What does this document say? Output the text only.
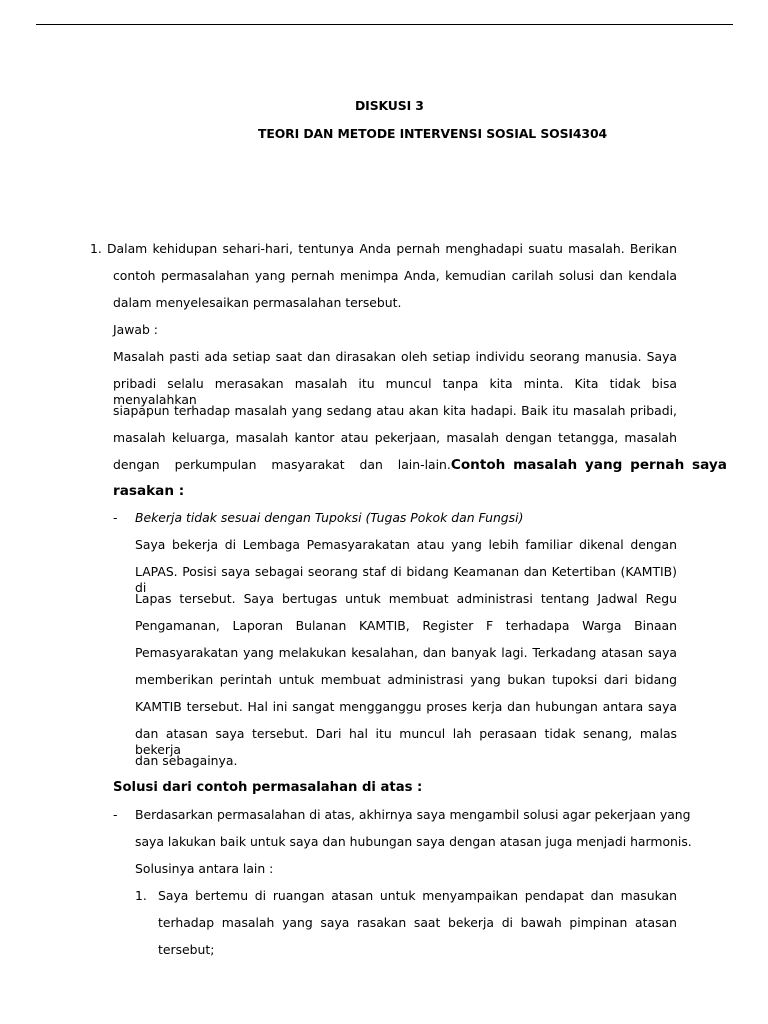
DISKUSI 3
TEORI DAN METODE INTERVENSI SOSIAL SOSI4304
1. Dalam kehidupan sehari-hari, tentunya Anda pernah menghadapi suatu masalah. Berikan
contoh permasalahan yang pernah menimpa Anda, kemudian carilah solusi dan kendala
dalam menyelesaikan permasalahan tersebut.
Jawab :
Masalah pasti ada setiap saat dan dirasakan oleh setiap individu seorang manusia. Saya
pribadi selalu merasakan masalah itu muncul tanpa kita minta. Kita tidak bisa menyalahkan
siapapun terhadap masalah yang sedang atau akan kita hadapi. Baik itu masalah pribadi,
masalah keluarga, masalah kantor atau pekerjaan, masalah dengan tetangga, masalah
dengan perkumpulan masyarakat dan lain-lain. Contoh masalah yang pernah saya
rasakan :
- Bekerja tidak sesuai dengan Tupoksi (Tugas Pokok dan Fungsi)
Saya bekerja di Lembaga Pemasyarakatan atau yang lebih familiar dikenal dengan
LAPAS. Posisi saya sebagai seorang staf di bidang Keamanan dan Ketertiban (KAMTIB) di
Lapas tersebut. Saya bertugas untuk membuat administrasi tentang Jadwal Regu
Pengamanan, Laporan Bulanan KAMTIB, Register F terhadapa Warga Binaan
Pemasyarakatan yang melakukan kesalahan, dan banyak lagi. Terkadang atasan saya
memberikan perintah untuk membuat administrasi yang bukan tupoksi dari bidang
KAMTIB tersebut. Hal ini sangat mengganggu proses kerja dan hubungan antara saya
dan atasan saya tersebut. Dari hal itu muncul lah perasaan tidak senang, malas bekerja
dan sebagainya.
Solusi dari contoh permasalahan di atas :
- Berdasarkan permasalahan di atas, akhirnya saya mengambil solusi agar pekerjaan yang
saya lakukan baik untuk saya dan hubungan saya dengan atasan juga menjadi harmonis.
Solusinya antara lain :
1. Saya bertemu di ruangan atasan untuk menyampaikan pendapat dan masukan
terhadap masalah yang saya rasakan saat bekerja di bawah pimpinan atasan
tersebut;
